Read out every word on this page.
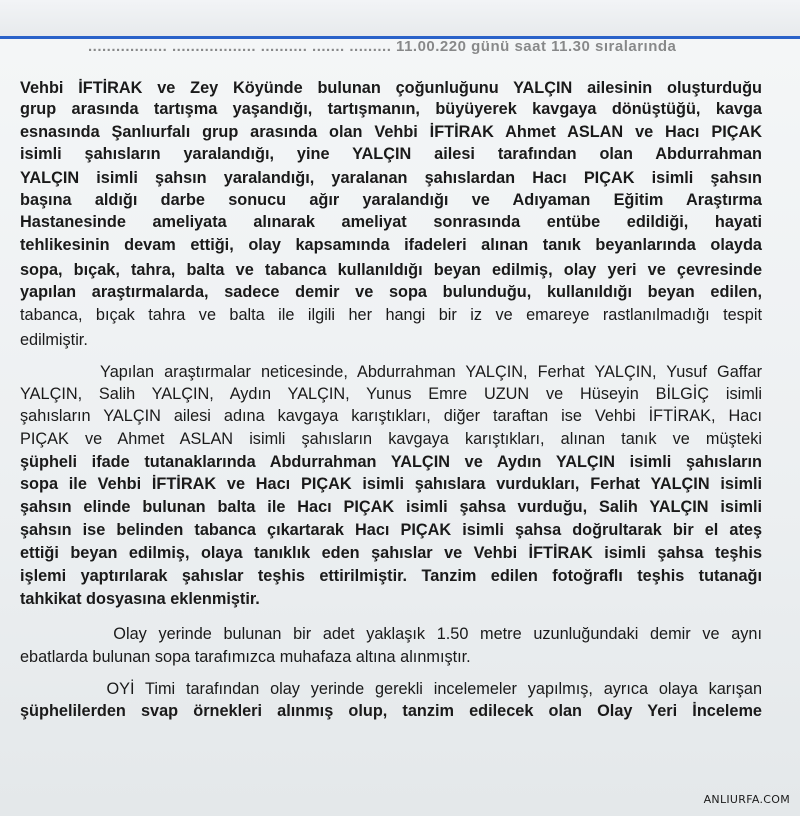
................. .................. .......... ....... ......... 11.00.220 günü saat 11.30 sıralarında
Vehbi İFTİRAK ve Zey Köyünde bulunan çoğunluğunu YALÇIN ailesinin oluşturduğu
grup arasında tartışma yaşandığı, tartışmanın, büyüyerek kavgaya dönüştüğü, kavga
esnasında Şanlıurfalı grup arasında olan Vehbi İFTİRAK Ahmet ASLAN ve Hacı PIÇAK
isimli şahısların yaralandığı, yine YALÇIN ailesi tarafından olan Abdurrahman
YALÇIN isimli şahsın yaralandığı, yaralanan şahıslardan Hacı PIÇAK isimli şahsın
başına aldığı darbe sonucu ağır yaralandığı ve Adıyaman Eğitim Araştırma
Hastanesinde ameliyata alınarak ameliyat sonrasında entübe edildiği, hayati
tehlikesinin devam ettiği, olay kapsamında ifadeleri alınan tanık beyanlarında olayda
sopa, bıçak, tahra, balta ve tabanca kullanıldığı beyan edilmiş, olay yeri ve çevresinde
yapılan araştırmalarda, sadece demir ve sopa bulunduğu, kullanıldığı beyan edilen,
tabanca, bıçak tahra ve balta ile ilgili her hangi bir iz ve emareye rastlanılmadığı tespit
edilmiştir.
Yapılan araştırmalar neticesinde, Abdurrahman YALÇIN, Ferhat YALÇIN, Yusuf Gaffar
YALÇIN, Salih YALÇIN, Aydın YALÇIN, Yunus Emre UZUN ve Hüseyin BİLGİÇ isimli
şahısların YALÇIN ailesi adına kavgaya karıştıkları, diğer taraftan ise Vehbi İFTİRAK, Hacı
PIÇAK ve Ahmet ASLAN isimli şahısların kavgaya karıştıkları, alınan tanık ve müşteki
şüpheli ifade tutanaklarında Abdurrahman YALÇIN ve Aydın YALÇIN isimli şahısların
sopa ile Vehbi İFTİRAK ve Hacı PIÇAK isimli şahıslara vurdukları, Ferhat YALÇIN isimli
şahsın elinde bulunan balta ile Hacı PIÇAK isimli şahsa vurduğu, Salih YALÇIN isimli
şahsın ise belinden tabanca çıkartarak Hacı PIÇAK isimli şahsa doğrultarak bir el ateş
ettiği beyan edilmiş, olaya tanıklık eden şahıslar ve Vehbi İFTİRAK isimli şahsa teşhis
işlemi yaptırılarak şahıslar teşhis ettirilmiştir. Tanzim edilen fotoğraflı teşhis tutanağı
tahkikat dosyasına eklenmiştir.
Olay yerinde bulunan bir adet yaklaşık 1.50 metre uzunluğundaki demir ve aynı
ebatlarda bulunan sopa tarafımızca muhafaza altına alınmıştır.
OYİ Timi tarafından olay yerinde gerekli incelemeler yapılmış, ayrıca olaya karışan
şüphelilerden svap örnekleri alınmış olup, tanzim edilecek olan Olay Yeri İnceleme
ANLIURFA.COM
